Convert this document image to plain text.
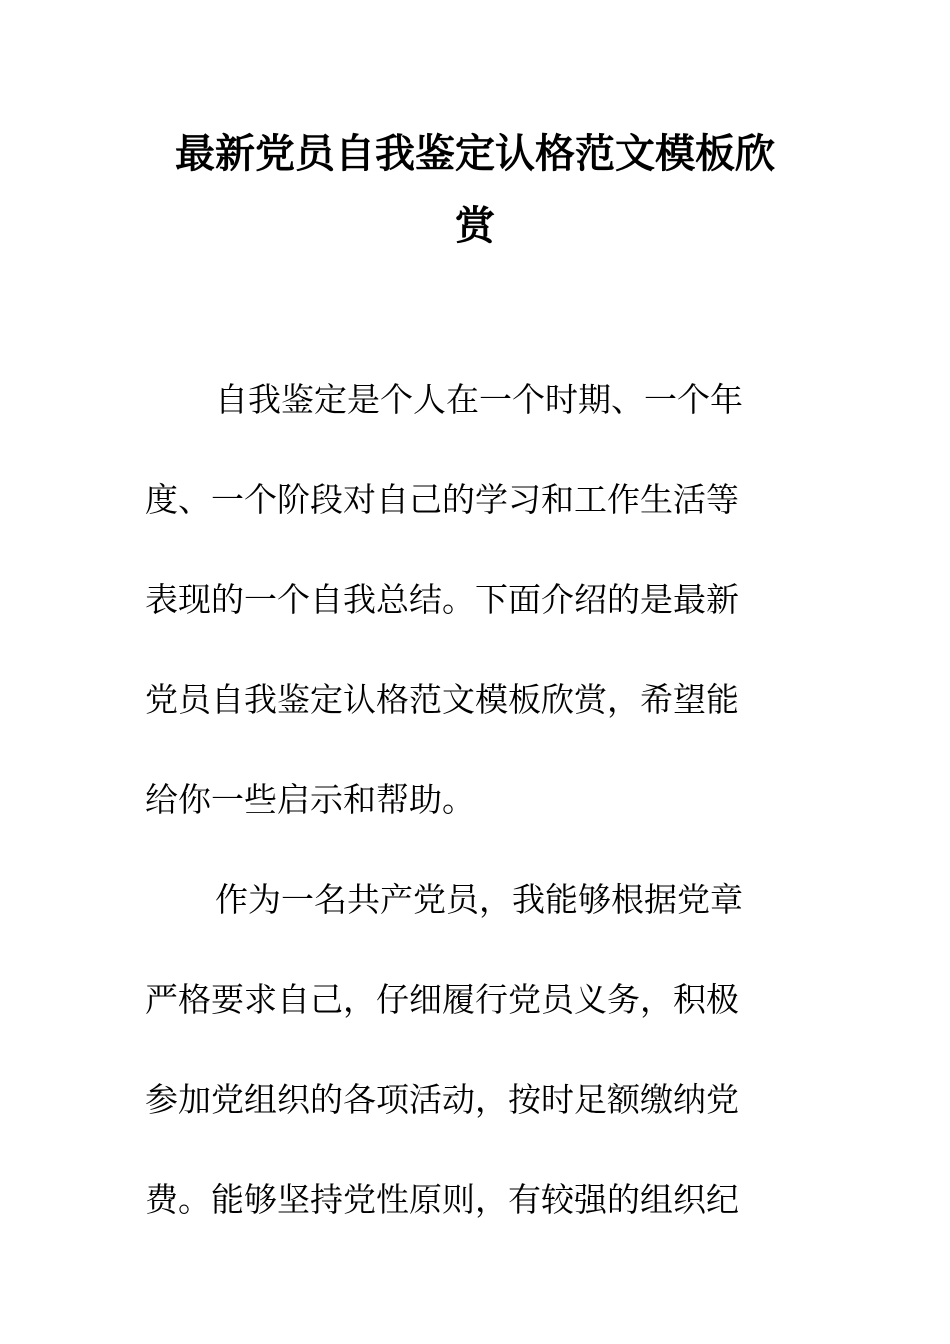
最新党员自我鉴定认格范文模板欣
赏
自我鉴定是个人在一个时期、一个年
度、一个阶段对自己的学习和工作生活等
表现的一个自我总结。下面介绍的是最新
党员自我鉴定认格范文模板欣赏，希望能
给你一些启示和帮助。
作为一名共产党员，我能够根据党章
严格要求自己，仔细履行党员义务，积极
参加党组织的各项活动，按时足额缴纳党
费。能够坚持党性原则，有较强的组织纪
